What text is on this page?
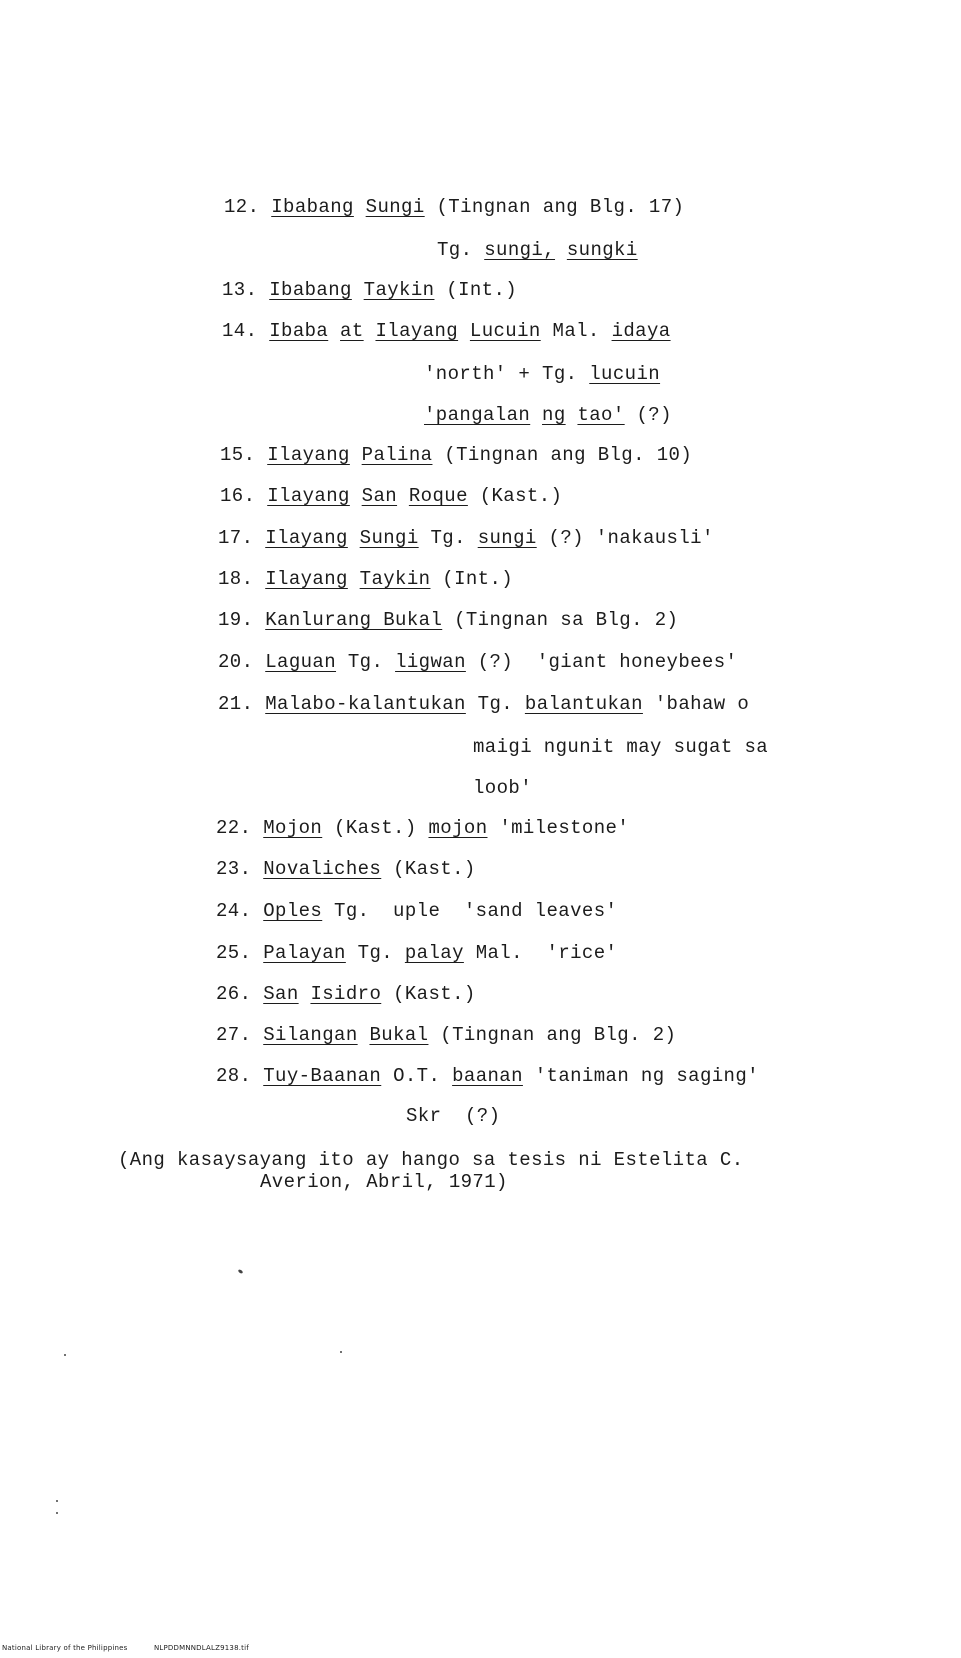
12. Ibabang Sungi (Tingnan ang Blg. 17)
Tg. sungi, sungki
13. Ibabang Taykin (Int.)
14. Ibaba at Ilayang Lucuin Mal. idaya
'north' + Tg. lucuin
'pangalan ng tao' (?)
15. Ilayang Palina (Tingnan ang Blg. 10)
16. Ilayang San Roque (Kast.)
17. Ilayang Sungi Tg. sungi (?) 'nakausli'
18. Ilayang Taykin (Int.)
19. Kanlurang Bukal (Tingnan sa Blg. 2)
20. Laguan Tg. ligwan (?)  'giant honeybees'
21. Malabo-kalantukan Tg. balantukan 'bahaw o
maigi ngunit may sugat sa
loob'
22. Mojon (Kast.) mojon 'milestone'
23. Novaliches (Kast.)
24. Oples Tg.  uple  'sand leaves'
25. Palayan Tg. palay Mal.  'rice'
26. San Isidro (Kast.)
27. Silangan Bukal (Tingnan ang Blg. 2)
28. Tuy-Baanan O.T. baanan 'taniman ng saging'
Skr  (?)
(Ang kasaysayang ito ay hango sa tesis ni Estelita C.
Averion, Abril, 1971)
National Library of the Philippines	NLPDDMNNDLALZ9138.tif
